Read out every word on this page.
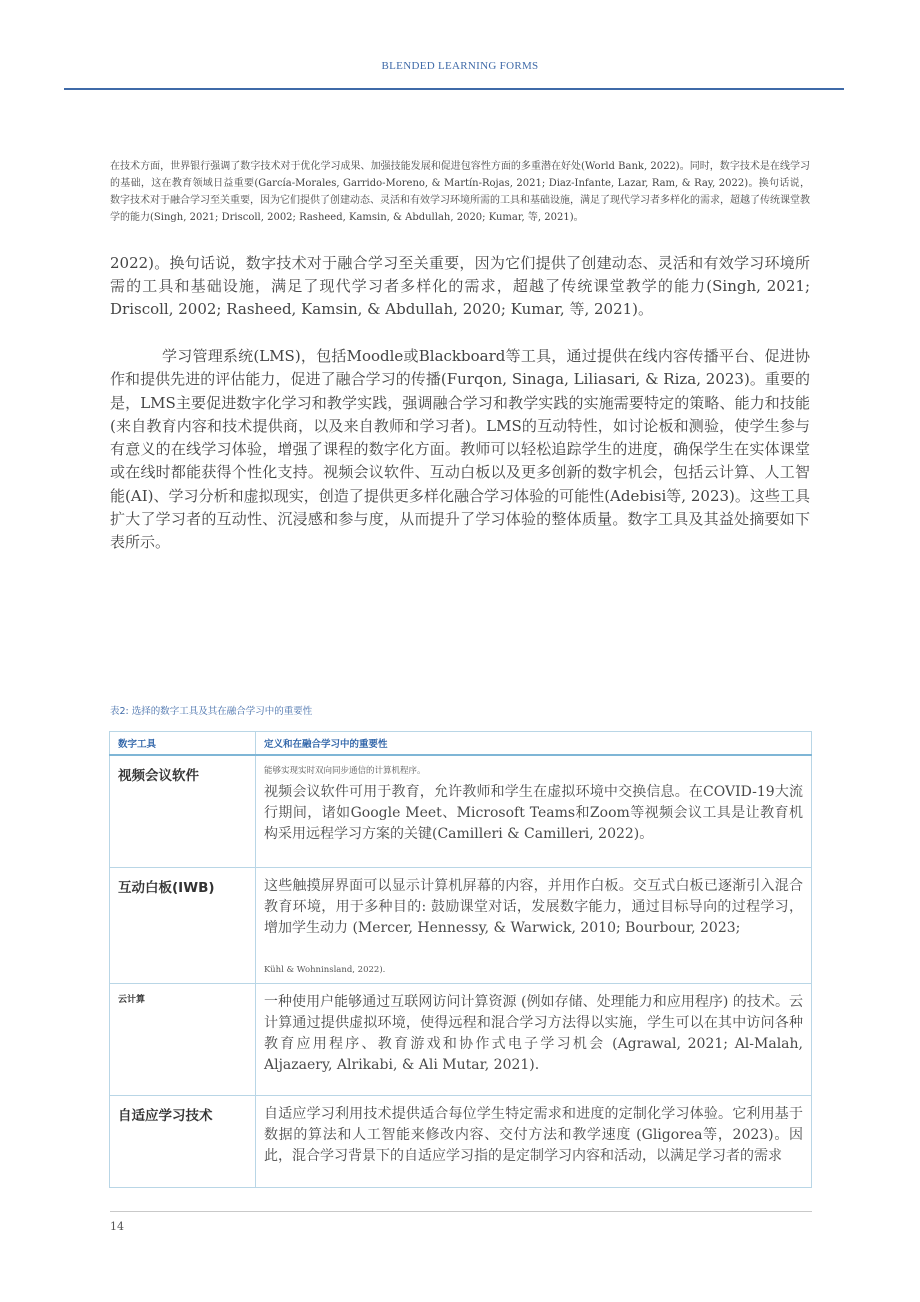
BLENDED LEARNING FORMS

在技术方面，世界银行强调了数字技术对于优化学习成果、加强技能发展和促进包容性方面的多重潜在好处(World Bank, 2022)。同时，数字技术是在线学习的基础，这在教育领域日益重要(García-Morales, Garrido-Moreno, & Martín-Rojas, 2021; Diaz-Infante, Lazar, Ram, & Ray, 2022)。换句话说，数字技术对于融合学习至关重要，因为它们提供了创建动态、灵活和有效学习环境所需的工具和基础设施，满足了现代学习者多样化的需求，超越了传统课堂教学的能力(Singh, 2021; Driscoll, 2002; Rasheed, Kamsin, & Abdullah, 2020; Kumar, 等, 2021)。

2022)。换句话说，数字技术对于融合学习至关重要，因为它们提供了创建动态、灵活和有效学习环境所需的工具和基础设施，满足了现代学习者多样化的需求，超越了传统课堂教学的能力(Singh, 2021; Driscoll, 2002; Rasheed, Kamsin, & Abdullah, 2020; Kumar, 等, 2021)。

学习管理系统(LMS)，包括Moodle或Blackboard等工具，通过提供在线内容传播平台、促进协作和提供先进的评估能力，促进了融合学习的传播(Furqon, Sinaga, Liliasari, & Riza, 2023)。重要的是，LMS主要促进数字化学习和教学实践，强调融合学习和教学实践的实施需要特定的策略、能力和技能(来自教育内容和技术提供商，以及来自教师和学习者)。LMS的互动特性，如讨论板和测验，使学生参与有意义的在线学习体验，增强了课程的数字化方面。教师可以轻松追踪学生的进度，确保学生在实体课堂或在线时都能获得个性化支持。视频会议软件、互动白板以及更多创新的数字机会，包括云计算、人工智能(AI)、学习分析和虚拟现实，创造了提供更多样化融合学习体验的可能性(Adebisi等, 2023)。这些工具扩大了学习者的互动性、沉浸感和参与度，从而提升了学习体验的整体质量。数字工具及其益处摘要如下表所示。

表2: 选择的数字工具及其在融合学习中的重要性
数字工具	定义和在融合学习中的重要性

视频会议软件	能够实现实时双向同步通信的计算机程序。
视频会议软件可用于教育，允许教师和学生在虚拟环境中交换信息。在COVID-19大流行期间，诸如Google Meet、Microsoft Teams和Zoom等视频会议工具是让教育机构采用远程学习方案的关键(Camilleri & Camilleri, 2022)。

互动白板(IWB)	这些触摸屏界面可以显示计算机屏幕的内容，并用作白板。交互式白板已逐渐引入混合教育环境，用于多种目的: 鼓励课堂对话，发展数字能力，通过目标导向的过程学习，增加学生动力 (Mercer, Hennessy, & Warwick, 2010; Bourbour, 2023;
Kühl & Wohninsland, 2022).

云计算	一种使用户能够通过互联网访问计算资源 (例如存储、处理能力和应用程序) 的技术。云计算通过提供虚拟环境，使得远程和混合学习方法得以实施，学生可以在其中访问各种教育应用程序、教育游戏和协作式电子学习机会 (Agrawal, 2021; Al-Malah, Aljazaery, Alrikabi, & Ali Mutar, 2021).

自适应学习技术	自适应学习利用技术提供适合每位学生特定需求和进度的定制化学习体验。它利用基于数据的算法和人工智能来修改内容、交付方法和教学速度 (Gligorea等，2023)。因此，混合学习背景下的自适应学习指的是定制学习内容和活动，以满足学习者的需求
14
